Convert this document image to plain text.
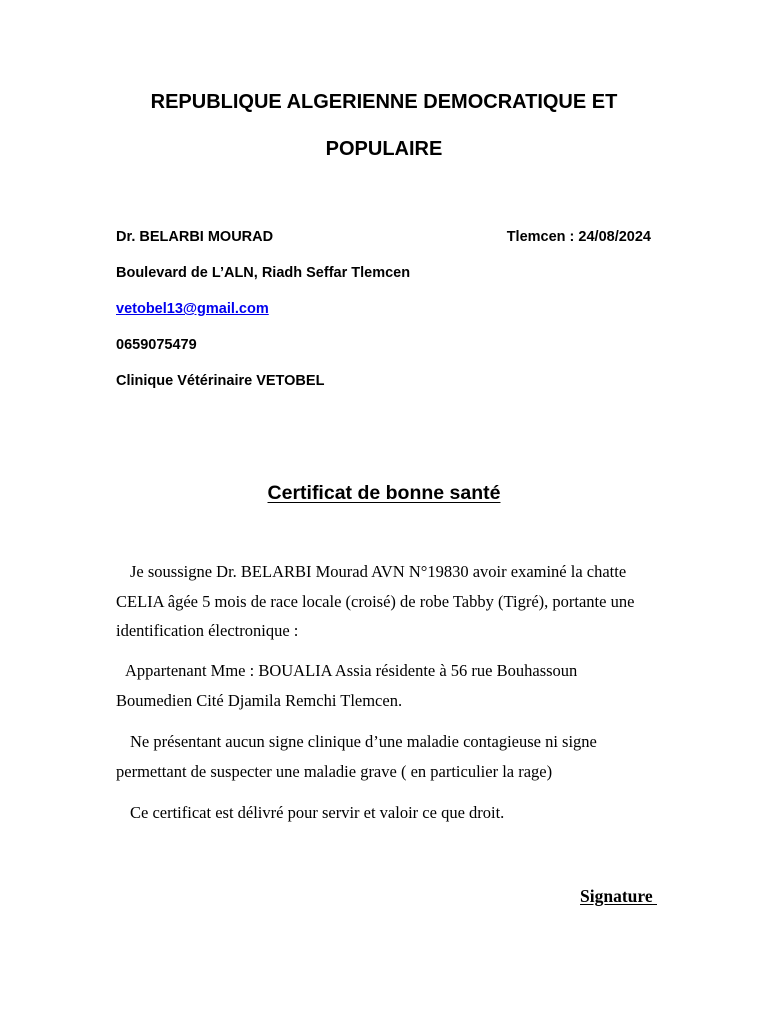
REPUBLIQUE ALGERIENNE DEMOCRATIQUE ET
POPULAIRE
Dr. BELARBI MOURAD	Tlemcen : 24/08/2024
Boulevard de L’ALN, Riadh Seffar Tlemcen
vetobel13@gmail.com
0659075479
Clinique Vétérinaire VETOBEL
Certificat de bonne santé
Je soussigne Dr. BELARBI Mourad AVN N°19830 avoir examiné la chatte CELIA âgée 5 mois de race locale (croisé) de robe Tabby (Tigré), portante une identification électronique :
Appartenant Mme : BOUALIA Assia résidente à 56 rue Bouhassoun Boumedien Cité Djamila Remchi Tlemcen.
Ne présentant aucun signe clinique d’une maladie contagieuse ni signe permettant de suspecter une maladie grave ( en particulier la rage)
Ce certificat est délivré pour servir et valoir ce que droit.
Signature
